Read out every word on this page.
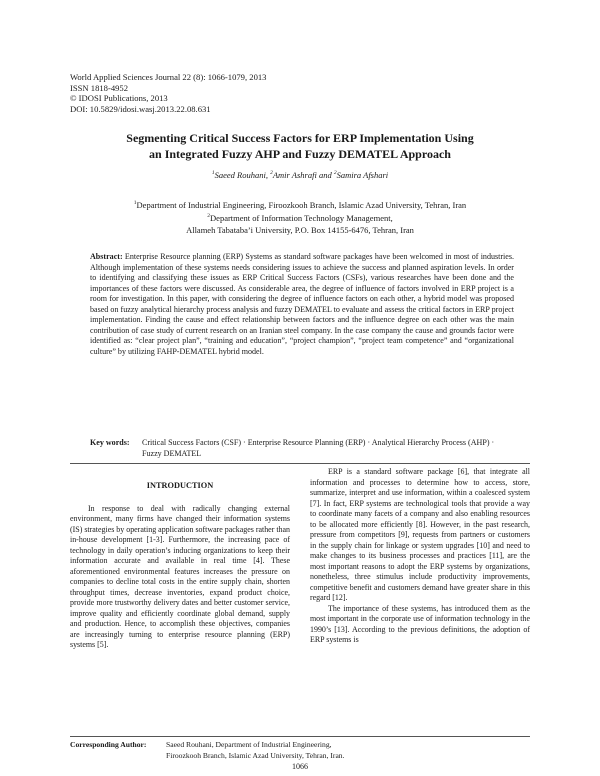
World Applied Sciences Journal 22 (8): 1066-1079, 2013
ISSN 1818-4952
© IDOSI Publications, 2013
DOI: 10.5829/idosi.wasj.2013.22.08.631
Segmenting Critical Success Factors for ERP Implementation Using
an Integrated Fuzzy AHP and Fuzzy DEMATEL Approach
$^1$Saeed Rouhani, $^2$Amir Ashrafi and $^2$Samira Afshari
$^1$Department of Industrial Engineering, Firoozkooh Branch, Islamic Azad University, Tehran, Iran
$^2$Department of Information Technology Management,
Allameh Tabataba’i University, P.O. Box 14155-6476, Tehran, Iran
Abstract: Enterprise Resource planning (ERP) Systems as standard software packages have been welcomed in most of industries. Although implementation of these systems needs considering issues to achieve the success and planned aspiration levels. In order to identifying and classifying these issues as ERP Critical Success Factors (CSFs), various researches have been done and the importances of these factors were discussed. As considerable area, the degree of influence of factors involved in ERP project is a room for investigation. In this paper, with considering the degree of influence factors on each other, a hybrid model was proposed based on fuzzy analytical hierarchy process analysis and fuzzy DEMATEL to evaluate and assess the critical factors in ERP project implementation. Finding the cause and effect relationship between factors and the influence degree on each other was the main contribution of case study of current research on an Iranian steel company. In the case company the cause and grounds factor were identified as: “clear project plan”, “training and education”, “project champion”, “project team competence” and “organizational culture” by utilizing FAHP-DEMATEL hybrid model.
Key words: Critical Success Factors (CSF) · Enterprise Resource Planning (ERP) · Analytical Hierarchy Process (AHP) · Fuzzy DEMATEL
INTRODUCTION

In response to deal with radically changing external environment, many firms have changed their information systems (IS) strategies by operating application software packages rather than in-house development [1-3]. Furthermore, the increasing pace of technology in daily operation’s inducing organizations to keep their information accurate and available in real time [4]. These aforementioned environmental features increases the pressure on companies to decline total costs in the entire supply chain, shorten throughput times, decrease inventories, expand product choice, provide more trustworthy delivery dates and better customer service, improve quality and efficiently coordinate global demand, supply and production. Hence, to accomplish these objectives, companies are increasingly turning to enterprise resource planning (ERP) systems [5].

ERP is a standard software package [6], that integrate all information and processes to determine how to access, store, summarize, interpret and use information, within a coalesced system [7]. In fact, ERP systems are technological tools that provide a way to coordinate many facets of a company and also enabling resources to be allocated more efficiently [8]. However, in the past research, pressure from competitors [9], requests from partners or customers in the supply chain for linkage or system upgrades [10] and need to make changes to its business processes and practices [11], are the most important reasons to adopt the ERP systems by organizations, nonetheless, three stimulus include productivity improvements, competitive benefit and customers demand have greater share in this regard [12].

The importance of these systems, has introduced them as the most important in the corporate use of information technology in the 1990’s [13]. According to the previous definitions, the adoption of ERP systems is

Corresponding Author:	Saeed Rouhani, Department of Industrial Engineering,
Firoozkooh Branch, Islamic Azad University, Tehran, Iran.
1066
